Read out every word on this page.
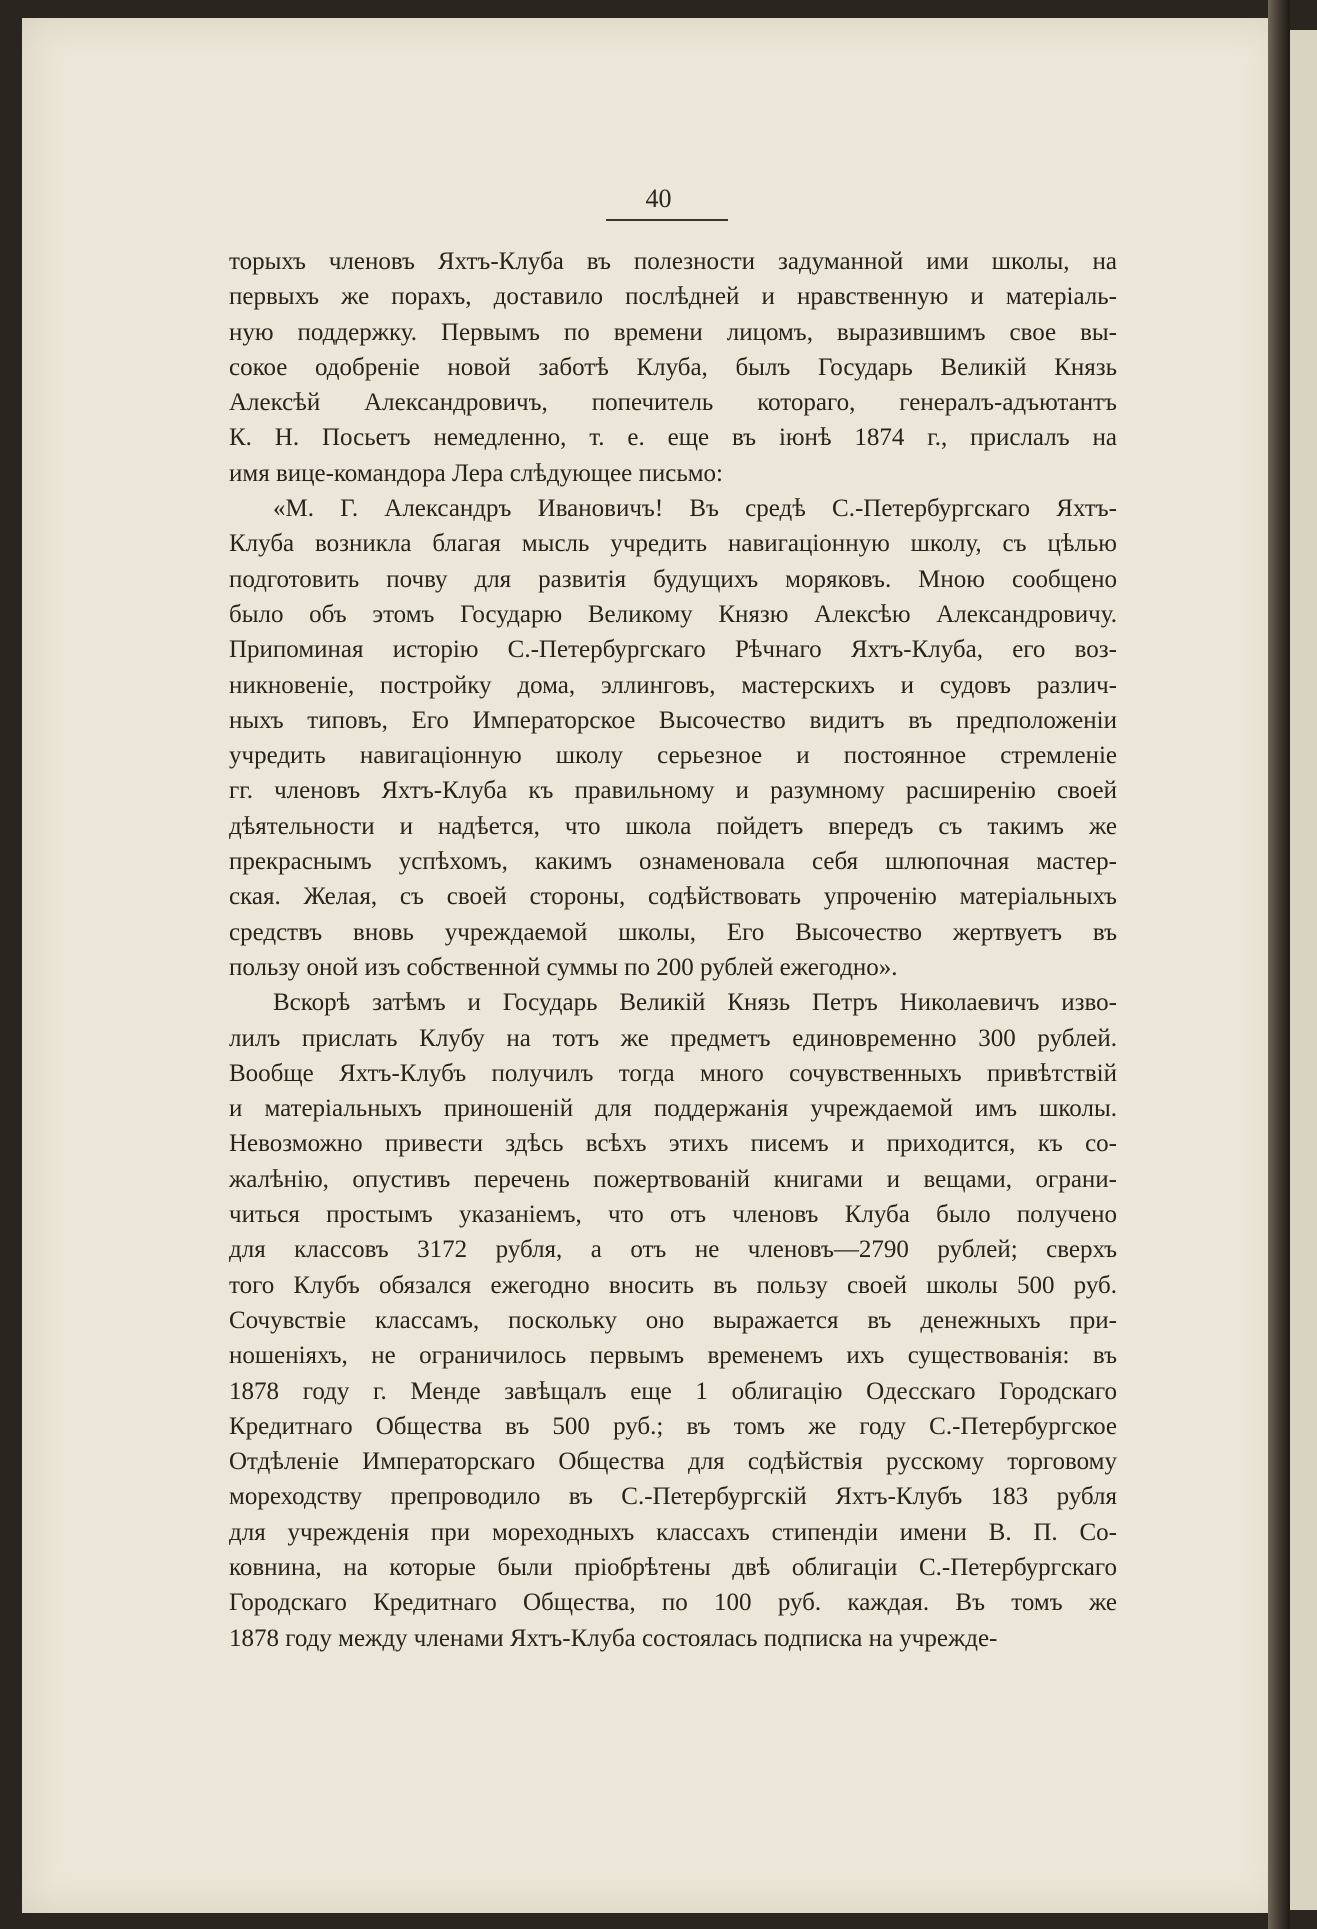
40
торыхъ членовъ Яхтъ-Клуба въ полезности задуманной ими школы, на
первыхъ же порахъ, доставило послѣдней и нравственную и матеріаль-
ную поддержку. Первымъ по времени лицомъ, выразившимъ свое вы-
сокое одобреніе новой заботѣ Клуба, былъ Государь Великій Князь
Алексѣй Александровичъ, попечитель котораго, генералъ-адъютантъ
К. Н. Посьетъ немедленно, т. е. еще въ іюнѣ 1874 г., прислалъ на
имя вице-командора Лера слѣдующее письмо:
«М. Г. Александръ Ивановичъ! Въ средѣ С.-Петербургскаго Яхтъ-
Клуба возникла благая мысль учредить навигаціонную школу, съ цѣлью
подготовить почву для развитія будущихъ моряковъ. Мною сообщено
было объ этомъ Государю Великому Князю Алексѣю Александровичу.
Припоминая исторію С.-Петербургскаго Рѣчнаго Яхтъ-Клуба, его воз-
никновеніе, постройку дома, эллинговъ, мастерскихъ и судовъ различ-
ныхъ типовъ, Его Императорское Высочество видитъ въ предположеніи
учредить навигаціонную школу серьезное и постоянное стремленіе
гг. членовъ Яхтъ-Клуба къ правильному и разумному расширенію своей
дѣятельности и надѣется, что школа пойдетъ впередъ съ такимъ же
прекраснымъ успѣхомъ, какимъ ознаменовала себя шлюпочная мастер-
ская. Желая, съ своей стороны, содѣйствовать упроченію матеріальныхъ
средствъ вновь учреждаемой школы, Его Высочество жертвуетъ въ
пользу оной изъ собственной суммы по 200 рублей ежегодно».
Вскорѣ затѣмъ и Государь Великій Князь Петръ Николаевичъ изво-
лилъ прислать Клубу на тотъ же предметъ единовременно 300 рублей.
Вообще Яхтъ-Клубъ получилъ тогда много сочувственныхъ привѣтствій
и матеріальныхъ приношеній для поддержанія учреждаемой имъ школы.
Невозможно привести здѣсь всѣхъ этихъ писемъ и приходится, къ со-
жалѣнію, опустивъ перечень пожертвованій книгами и вещами, ограни-
читься простымъ указаніемъ, что отъ членовъ Клуба было получено
для классовъ 3172 рубля, а отъ не членовъ—2790 рублей; сверхъ
того Клубъ обязался ежегодно вносить въ пользу своей школы 500 руб.
Сочувствіе классамъ, поскольку оно выражается въ денежныхъ при-
ношеніяхъ, не ограничилось первымъ временемъ ихъ существованія: въ
1878 году г. Менде завѣщалъ еще 1 облигацію Одесскаго Городскаго
Кредитнаго Общества въ 500 руб.; въ томъ же году С.-Петербургское
Отдѣленіе Императорскаго Общества для содѣйствія русскому торговому
мореходству препроводило въ С.-Петербургскій Яхтъ-Клубъ 183 рубля
для учрежденія при мореходныхъ классахъ стипендіи имени В. П. Со-
ковнина, на которые были пріобрѣтены двѣ облигаціи С.-Петербургскаго
Городскаго Кредитнаго Общества, по 100 руб. каждая. Въ томъ же
1878 году между членами Яхтъ-Клуба состоялась подписка на учрежде-
